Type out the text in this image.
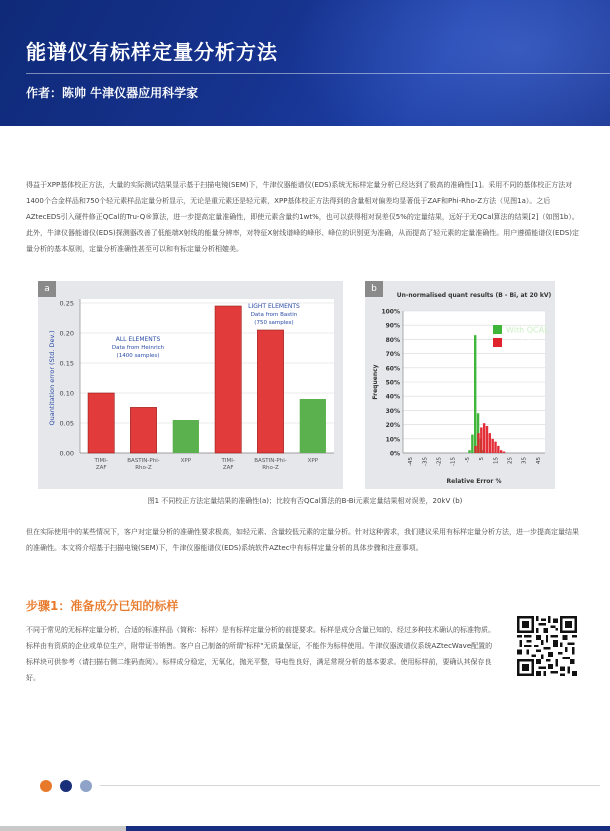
能谱仪有标样定量分析方法
作者：陈帅 牛津仪器应用科学家

得益于XPP基体校正方法，大量的实际测试结果显示基于扫描电镜(SEM)下，牛津仪器能谱仪(EDS)系统无标样定量分析已经达到了极高的准确性[1]。采用不同的基体校正方法对1400个合金样品和750个轻元素样品定量分析显示，无论是重元素还是轻元素，XPP基体校正方法得到的含量相对偏差均显著低于ZAF和Phi-Rho-Z方法（见图1a）。之后AZtecEDS引入硬件修正QCal的Tru-Q®算法，进一步提高定量准确性，即使元素含量约1wt%，也可以获得相对误差仅5%的定量结果，远好于无QCal算法的结果[2]（如图1b）。此外，牛津仪器能谱仪(EDS)探测器改善了低能端X射线的能量分辨率，对特征X射线谱峰的峰形、峰位的识别更为准确，从而提高了轻元素的定量准确性。用户遵循能谱仪(EDS)定量分析的基本原则，定量分析准确性甚至可以和有标定量分析相媲美。

a
0.00
0.05
0.10
0.15
0.20
0.25
TIMI-
ZAF
BASTIN-Phi-
Rho-Z
XPP	TIMI-
ZAF
BASTIN-Phi-
Rho-Z
XPP
ALL ELEMENTS
Data from Heinrich
(1400 samples)
LIGHT ELEMENTS
Data from Bastin
(750 samples)
Quantitation error (Std. Dev.)
b
Un-normalised quant results (B - Bi, at 20 kV)
0%
10%
20%
30%
40%
50%
60%
70%
80%
90%
100%
-45 -35 -25 -15 -5 5 15 25 35 45
Relative Error %
Frequency
With QCAL
No QCAL
图1 不同校正方法定量结果的准确性(a)；比较有否QCal算法的B-Bi元素定量结果相对误差，20kV (b)

但在实际使用中的某些情况下，客户对定量分析的准确性要求极高，如轻元素、含量较低元素的定量分析。针对这种需求，我们建议采用有标样定量分析方法，进一步提高定量结果的准确性。本文将介绍基于扫描电镜(SEM)下，牛津仪器能谱仪(EDS)系统软件AZtec中有标样定量分析的具体步骤和注意事项。

步骤1：准备成分已知的标样

不同于常见的无标样定量分析，合适的标准样品（简称：标样）是有标样定量分析的前提要求。标样是成分含量已知的、经过多种技术确认的标准物质。标样由有资质的企业或单位生产，附带证书销售。客户自己制备的所谓"标样"无质量保证，不能作为标样使用。牛津仪器波谱仪系统AZtecWave配置的标样块可供参考（请扫描右侧二维码查阅）。标样成分稳定，无氧化，抛光平整，导电性良好，满足常规分析的基本要求。使用标样前，要确认其保存良好。
